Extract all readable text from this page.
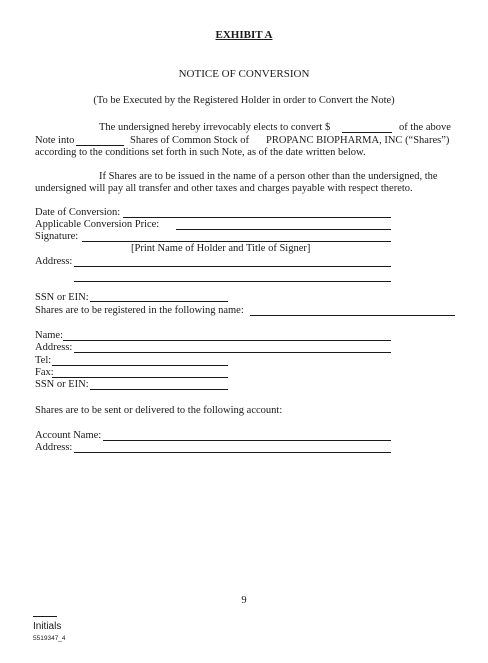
EXHIBIT A
NOTICE OF CONVERSION
(To be Executed by the Registered Holder in order to Convert the Note)
The undersigned hereby irrevocably elects to convert $	of the above
Note into	Shares of Common Stock of PROPANC BIOPHARMA, INC (“Shares”)
according to the conditions set forth in such Note, as of the date written below.
If Shares are to be issued in the name of a person other than the undersigned, the
undersigned will pay all transfer and other taxes and charges payable with respect thereto.
Date of Conversion:
Applicable Conversion Price:
Signature:
[Print Name of Holder and Title of Signer]
Address:
SSN or EIN:
Shares are to be registered in the following name:
Name:
Address:
Tel:
Fax:
SSN or EIN:
Shares are to be sent or delivered to the following account:
Account Name:
Address:
9
Initials
5519347_4
